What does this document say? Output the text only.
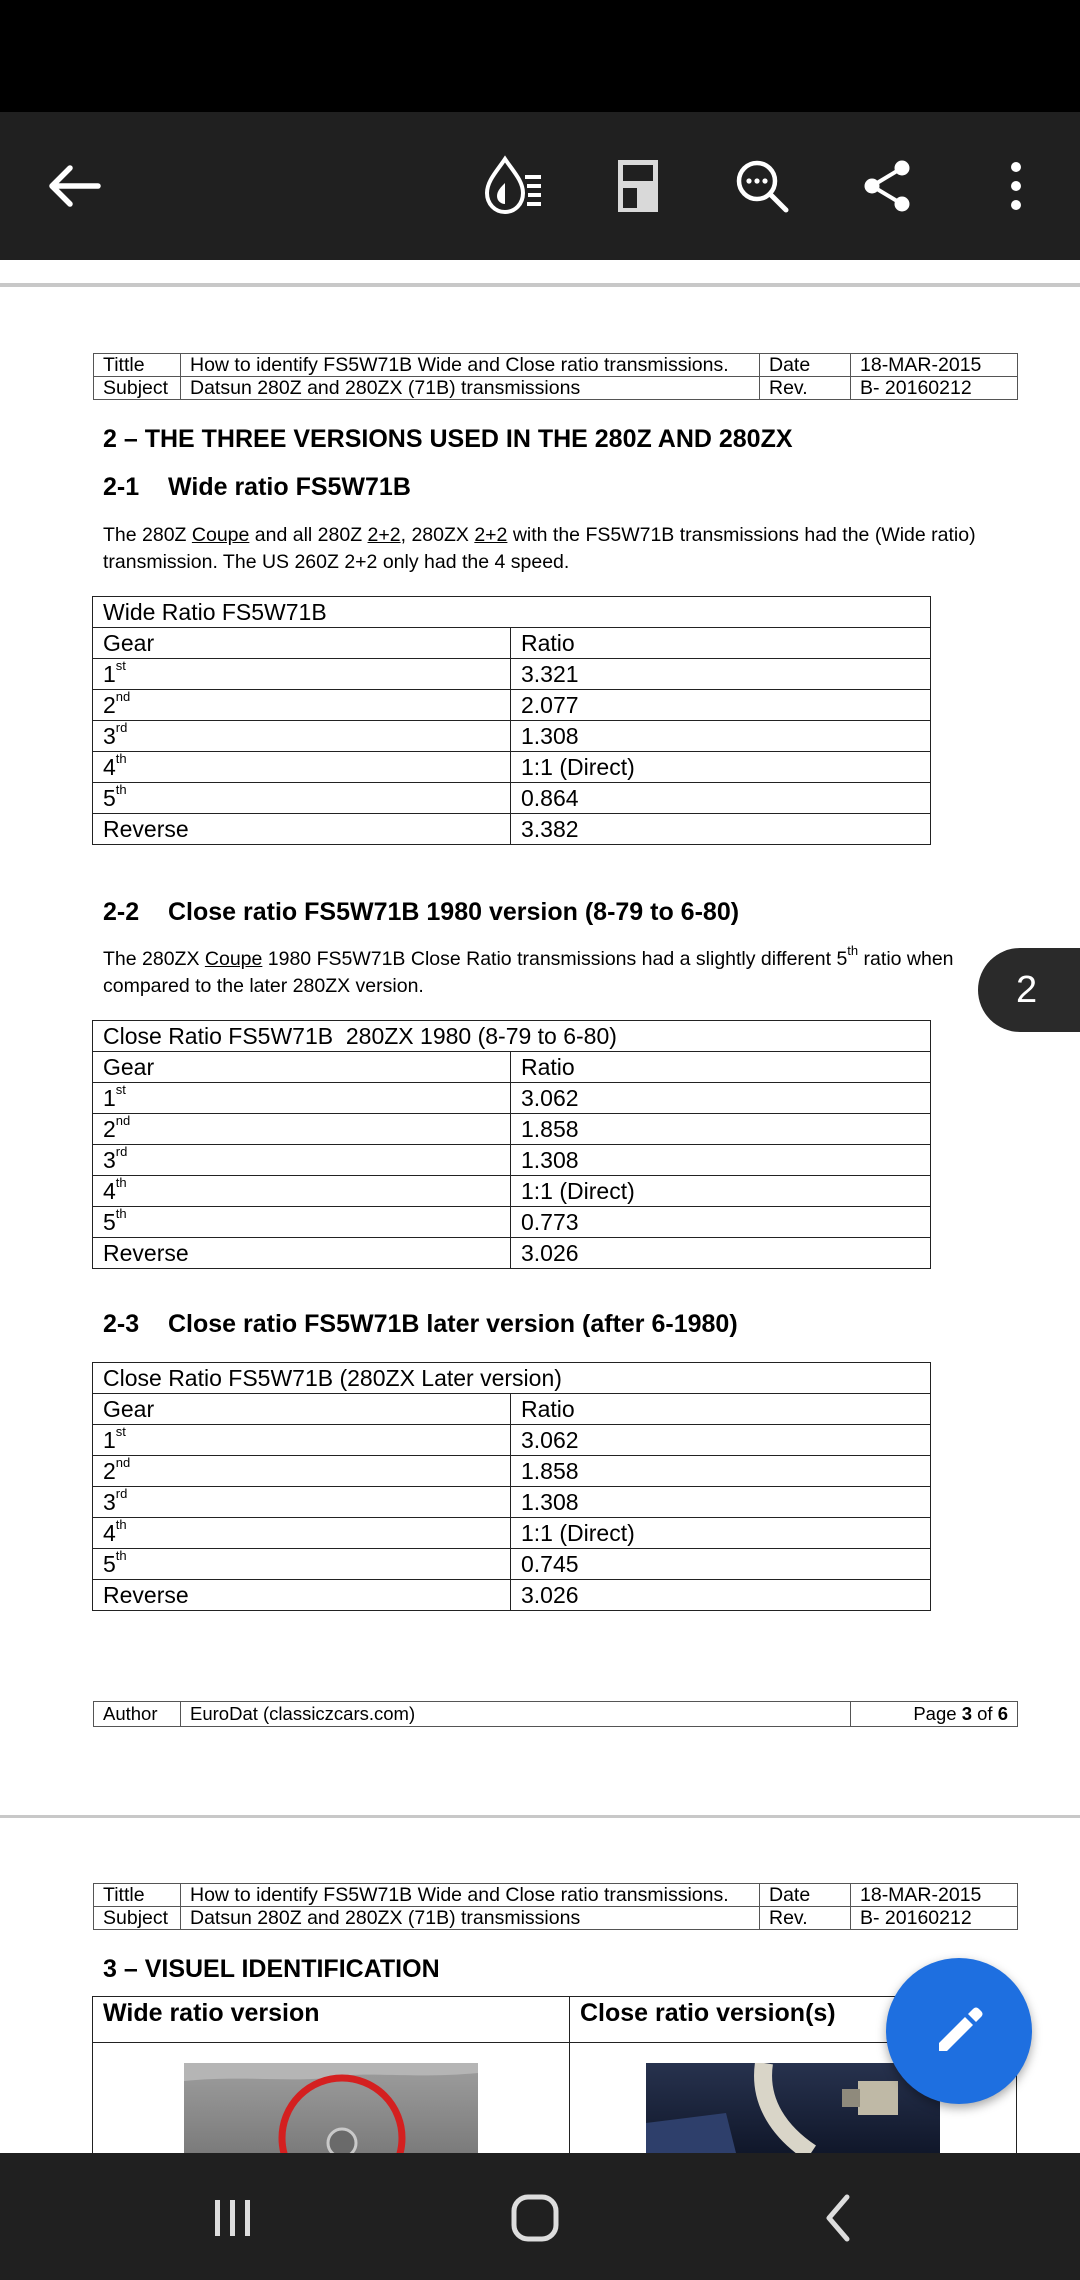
Tittle	How to identify FS5W71B Wide and Close ratio transmissions.	Date	18-MAR-2015
Subject	Datsun 280Z and 280ZX (71B) transmissions	Rev.	B- 20160212
2 – THE THREE VERSIONS USED IN THE 280Z AND 280ZX
2-1 Wide ratio FS5W71B
The 280Z Coupe and all 280Z 2+2, 280ZX 2+2 with the FS5W71B transmissions had the (Wide ratio) transmission. The US 260Z 2+2 only had the 4 speed.
Wide Ratio FS5W71B	
Gear	Ratio
1st	3.321
2nd	2.077
3rd	1.308
4th	1:1 (Direct)
5th	0.864
Reverse	3.382
2-2 Close ratio FS5W71B 1980 version (8-79 to 6-80)
The 280ZX Coupe 1980 FS5W71B Close Ratio transmissions had a slightly different 5th ratio when compared to the later 280ZX version.
Close Ratio FS5W71B  280ZX 1980 (8-79 to 6-80)	
Gear	Ratio
1st	3.062
2nd	1.858
3rd	1.308
4th	1:1 (Direct)
5th	0.773
Reverse	3.026
2-3 Close ratio FS5W71B later version (after 6-1980)
Close Ratio FS5W71B (280ZX Later version)	
Gear	Ratio
1st	3.062
2nd	1.858
3rd	1.308
4th	1:1 (Direct)
5th	0.745
Reverse	3.026
Author	EuroDat (classiczcars.com)	Page 3 of 6
Tittle	How to identify FS5W71B Wide and Close ratio transmissions.	Date	18-MAR-2015
Subject	Datsun 280Z and 280ZX (71B) transmissions	Rev.	B- 20160212
3 – VISUEL IDENTIFICATION
Wide ratio version	Close ratio version(s)

2
